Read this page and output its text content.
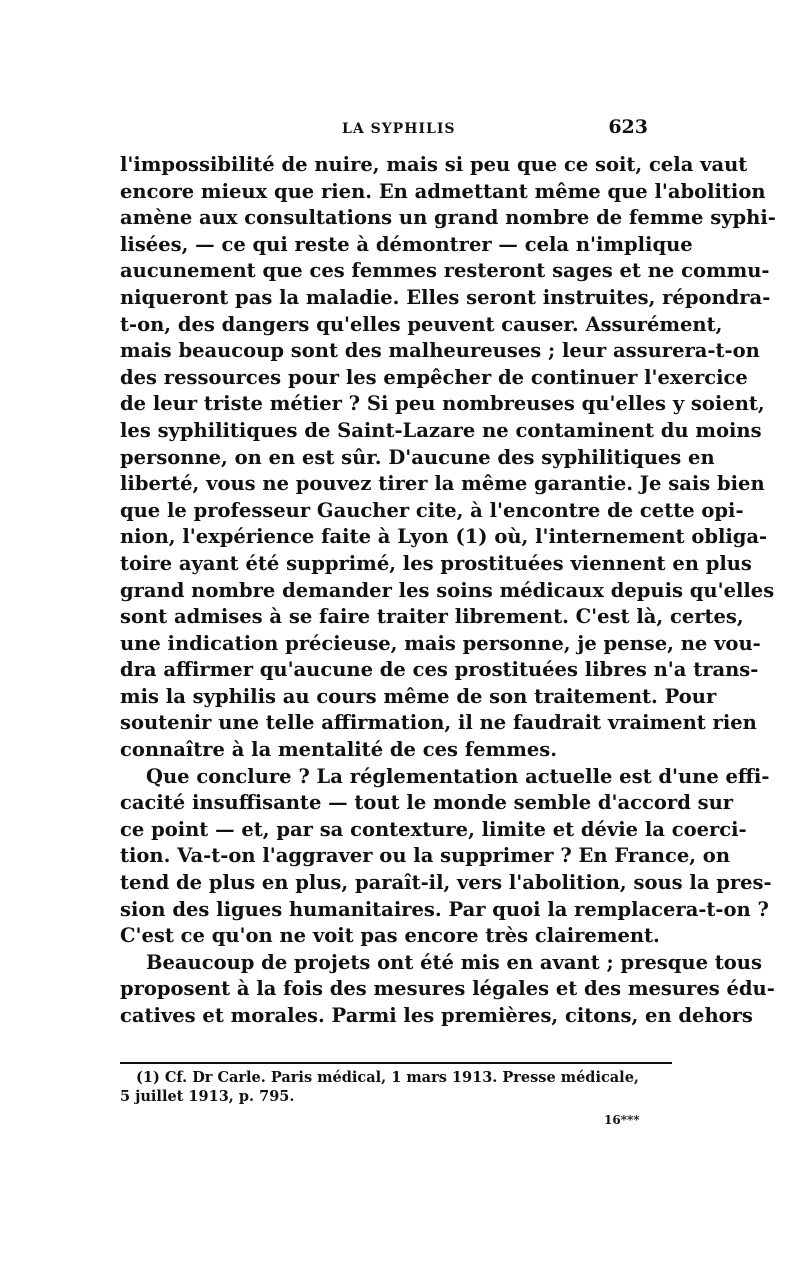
LA SYPHILIS	623
l'impossibilité de nuire, mais si peu que ce soit, cela vaut
encore mieux que rien. En admettant même que l'abolition
amène aux consultations un grand nombre de femme syphi-
lisées, — ce qui reste à démontrer — cela n'implique
aucunement que ces femmes resteront sages et ne commu-
niqueront pas la maladie. Elles seront instruites, répondra-
t-on, des dangers qu'elles peuvent causer. Assurément,
mais beaucoup sont des malheureuses ; leur assurera-t-on
des ressources pour les empêcher de continuer l'exercice
de leur triste métier ? Si peu nombreuses qu'elles y soient,
les syphilitiques de Saint-Lazare ne contaminent du moins
personne, on en est sûr. D'aucune des syphilitiques en
liberté, vous ne pouvez tirer la même garantie. Je sais bien
que le professeur Gaucher cite, à l'encontre de cette opi-
nion, l'expérience faite à Lyon (1) où, l'internement obliga-
toire ayant été supprimé, les prostituées viennent en plus
grand nombre demander les soins médicaux depuis qu'elles
sont admises à se faire traiter librement. C'est là, certes,
une indication précieuse, mais personne, je pense, ne vou-
dra affirmer qu'aucune de ces prostituées libres n'a trans-
mis la syphilis au cours même de son traitement. Pour
soutenir une telle affirmation, il ne faudrait vraiment rien
connaître à la mentalité de ces femmes.
Que conclure ? La réglementation actuelle est d'une effi-
cacité insuffisante — tout le monde semble d'accord sur
ce point — et, par sa contexture, limite et dévie la coerci-
tion. Va-t-on l'aggraver ou la supprimer ? En France, on
tend de plus en plus, paraît-il, vers l'abolition, sous la pres-
sion des ligues humanitaires. Par quoi la remplacera-t-on ?
C'est ce qu'on ne voit pas encore très clairement.
Beaucoup de projets ont été mis en avant ; presque tous
proposent à la fois des mesures légales et des mesures édu-
catives et morales. Parmi les premières, citons, en dehors
(1) Cf. Dr Carle. Paris médical, 1 mars 1913. Presse médicale,
5 juillet 1913, p. 795.
16***
